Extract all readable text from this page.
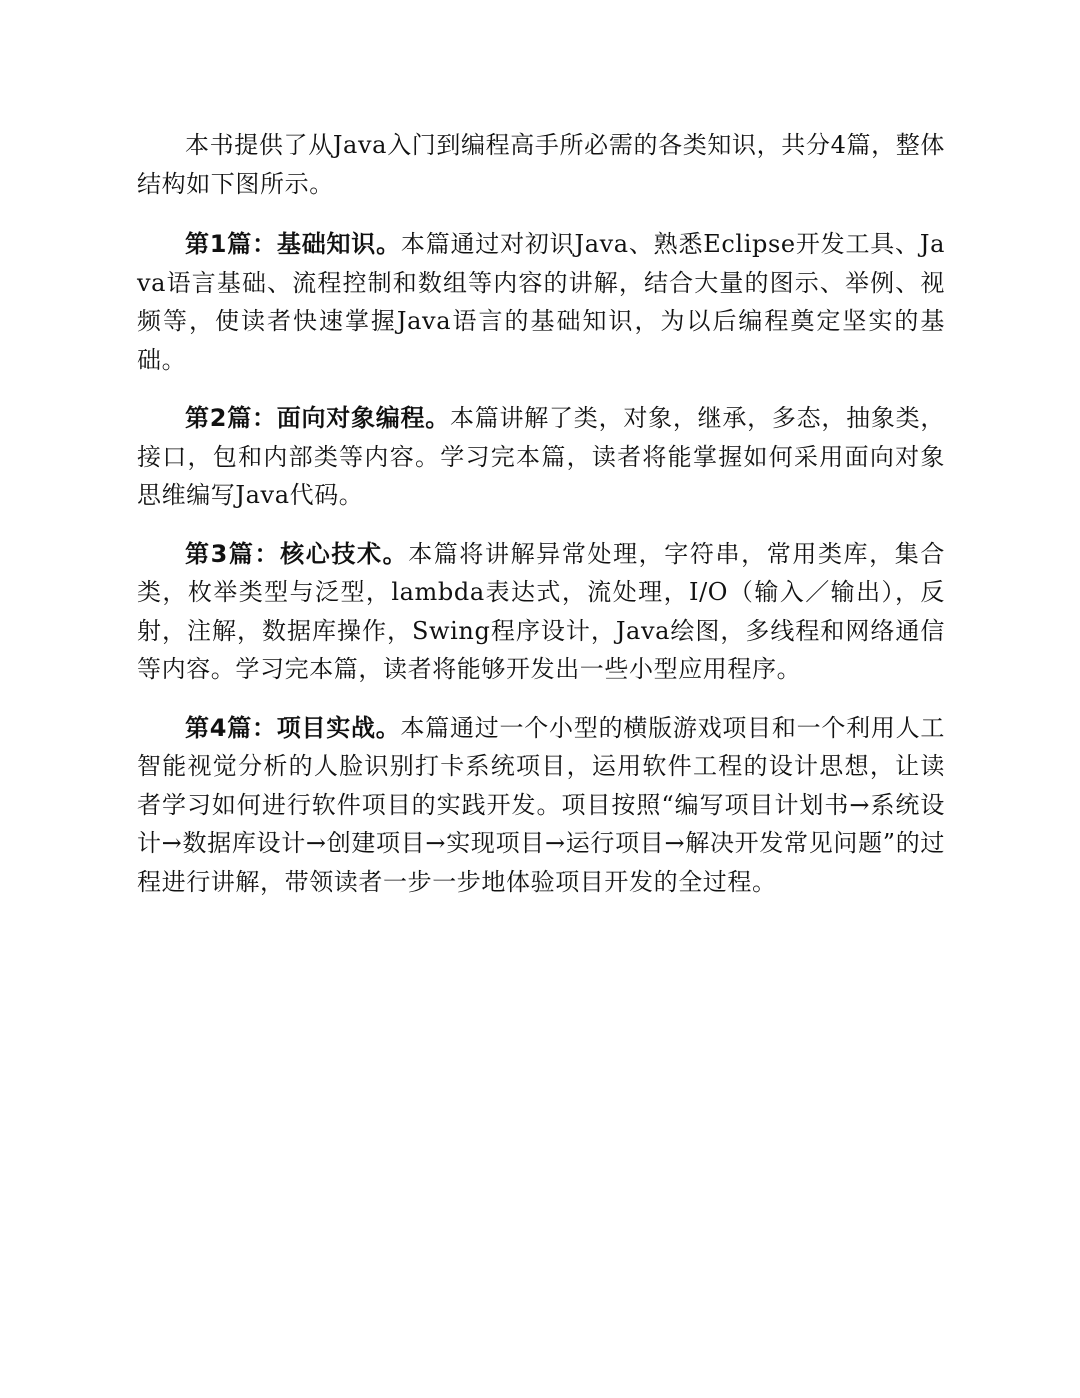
本书提供了从Java入门到编程高手所必需的各类知识，共分4篇，整体结构如下图所示。

第1篇：基础知识。本篇通过对初识Java、熟悉Eclipse开发工具、Java语言基础、流程控制和数组等内容的讲解，结合大量的图示、举例、视频等，使读者快速掌握Java语言的基础知识，为以后编程奠定坚实的基础。

第2篇：面向对象编程。本篇讲解了类，对象，继承，多态，抽象类，接口，包和内部类等内容。学习完本篇，读者将能掌握如何采用面向对象思维编写Java代码。

第3篇：核心技术。本篇将讲解异常处理，字符串，常用类库，集合类，枚举类型与泛型，lambda表达式，流处理，I/O（输入／输出），反射，注解，数据库操作，Swing程序设计，Java绘图，多线程和网络通信等内容。学习完本篇，读者将能够开发出一些小型应用程序。

第4篇：项目实战。本篇通过一个小型的横版游戏项目和一个利用人工智能视觉分析的人脸识别打卡系统项目，运用软件工程的设计思想，让读者学习如何进行软件项目的实践开发。项目按照“编写项目计划书→系统设计→数据库设计→创建项目→实现项目→运行项目→解决开发常见问题”的过程进行讲解，带领读者一步一步地体验项目开发的全过程。
